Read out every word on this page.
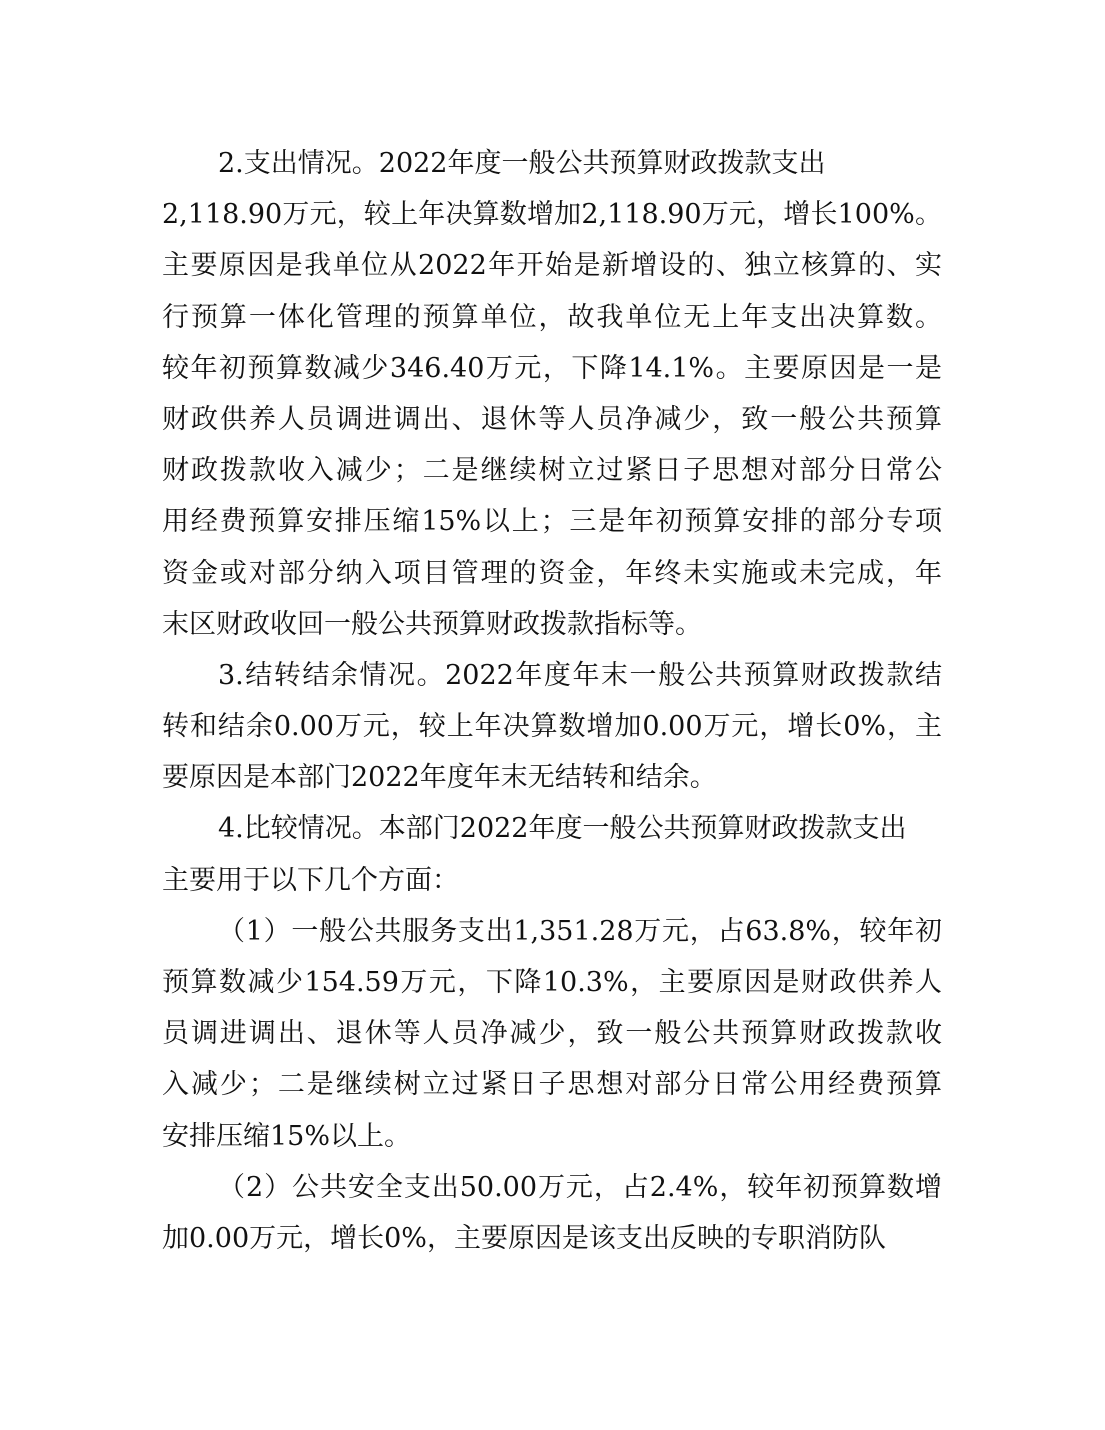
2.支出情况。2022年度一般公共预算财政拨款支出
2,118.90万元，较上年决算数增加2,118.90万元，增长100%。
主要原因是我单位从2022年开始是新增设的、独立核算的、实
行预算一体化管理的预算单位，故我单位无上年支出决算数。
较年初预算数减少346.40万元，下降14.1%。主要原因是一是
财政供养人员调进调出、退休等人员净减少，致一般公共预算
财政拨款收入减少；二是继续树立过紧日子思想对部分日常公
用经费预算安排压缩15%以上；三是年初预算安排的部分专项
资金或对部分纳入项目管理的资金，年终未实施或未完成，年
末区财政收回一般公共预算财政拨款指标等。
3.结转结余情况。2022年度年末一般公共预算财政拨款结
转和结余0.00万元，较上年决算数增加0.00万元，增长0%，主
要原因是本部门2022年度年末无结转和结余。
4.比较情况。本部门2022年度一般公共预算财政拨款支出
主要用于以下几个方面：
（1）一般公共服务支出1,351.28万元，占63.8%，较年初
预算数减少154.59万元，下降10.3%，主要原因是财政供养人
员调进调出、退休等人员净减少，致一般公共预算财政拨款收
入减少；二是继续树立过紧日子思想对部分日常公用经费预算
安排压缩15%以上。
（2）公共安全支出50.00万元，占2.4%，较年初预算数增
加0.00万元，增长0%，主要原因是该支出反映的专职消防队
